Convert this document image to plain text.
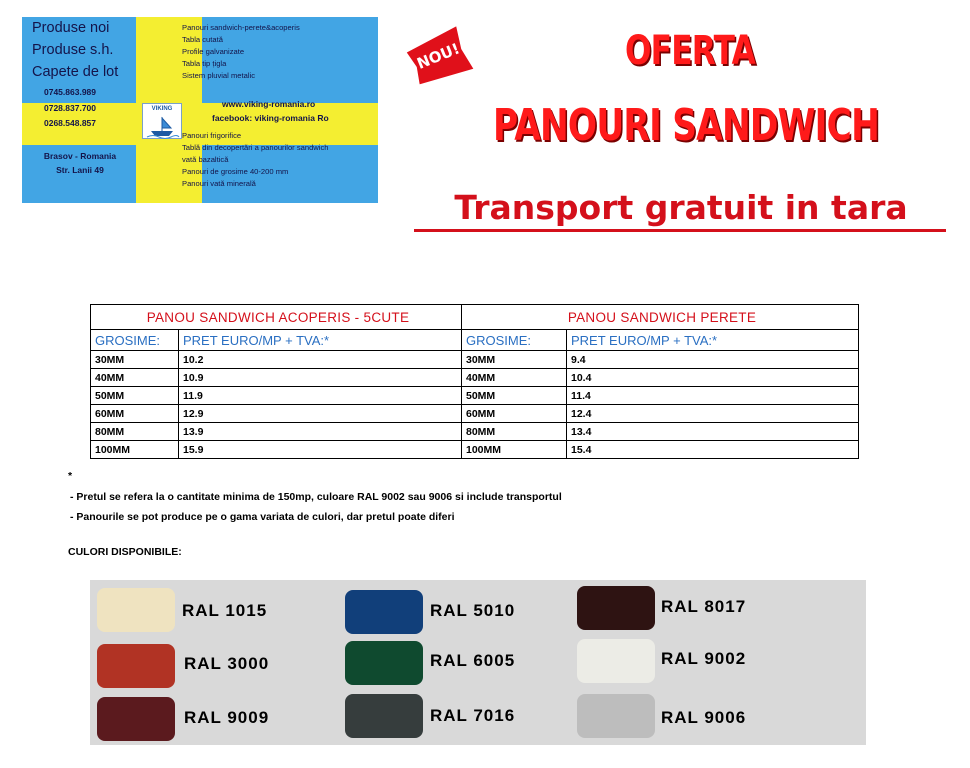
Produse noi
Produse s.h.
Capete de lot
0745.863.989
0728.837.700
0268.548.857
Brasov - Romania
Str. Lanii 49
Panouri sandwich-perete&acoperis
Tabla cutată
Profile galvanizate
Tabla tip țigla
Sistem pluvial metalic
www.viking-romania.ro
facebook: viking-romania Ro
Panouri frigorifice
Tablă din decopertări a panourilor sandwich
vată bazaltică
Panouri de grosime 40-200 mm
Panouri vată minerală
VIKING
NOU!	OFERTA
PANOURI SANDWICH
Transport gratuit in tara
PANOU SANDWICH ACOPERIS - 5CUTE		PANOU SANDWICH PERETE	
GROSIME:	PRET EURO/MP + TVA:*	GROSIME:	PRET EURO/MP + TVA:*
30MM	10.2	30MM	9.4
40MM	10.9	40MM	10.4
50MM	11.9	50MM	11.4
60MM	12.9	60MM	12.4
80MM	13.9	80MM	13.4
100MM	15.9	100MM	15.4
*
- Pretul se refera la o cantitate minima de 150mp, culoare RAL 9002 sau 9006 si include transportul
- Panourile se pot produce pe o gama variata de culori, dar pretul poate diferi
CULORI DISPONIBILE:
RAL 1015
RAL 3000
RAL 9009
RAL 5010
RAL 6005
RAL 7016
RAL 8017
RAL 9002
RAL 9006
